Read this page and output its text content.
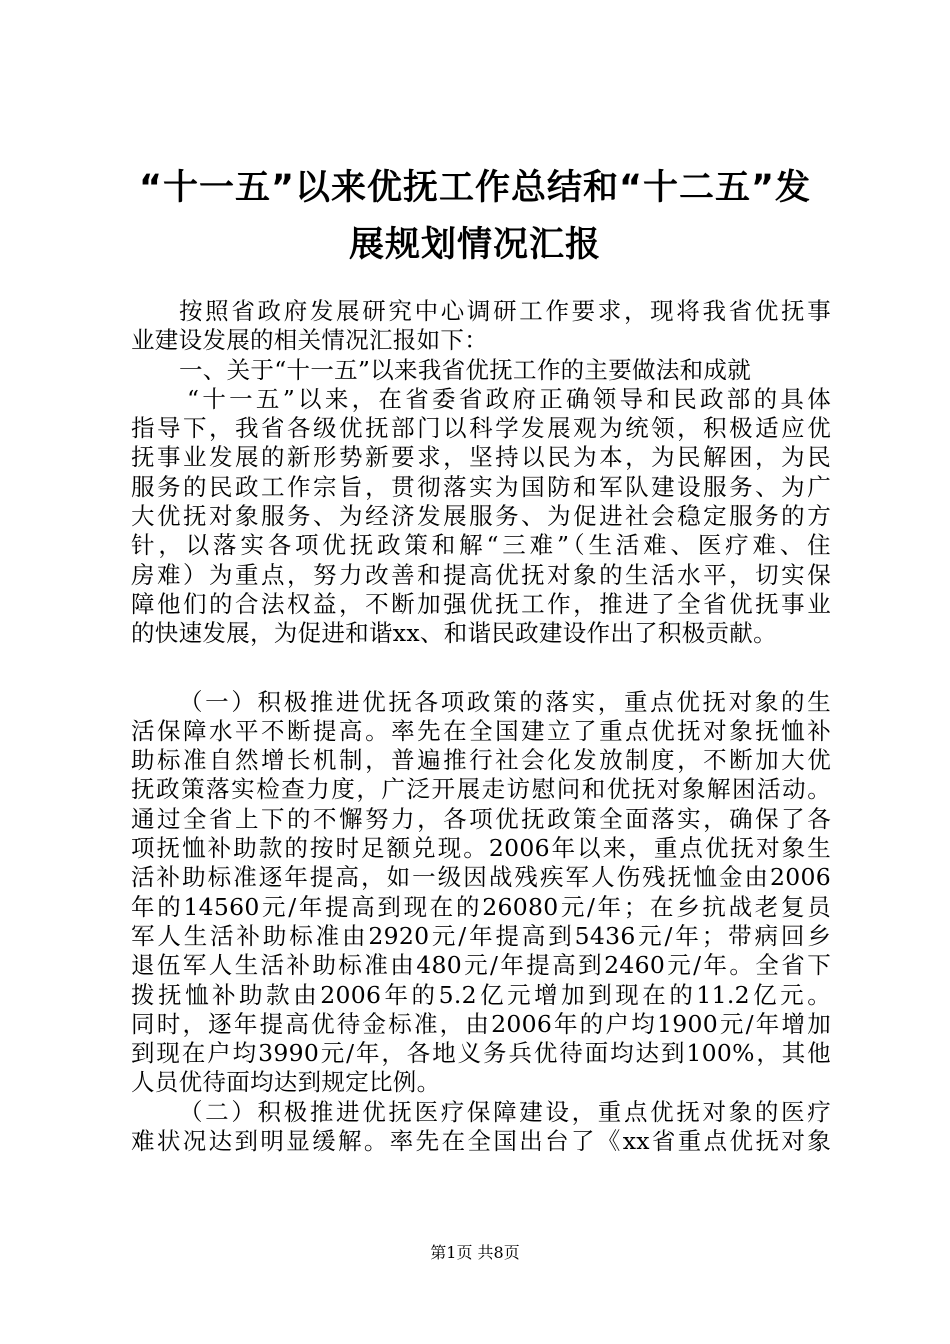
“十一五”以来优抚工作总结和“十二五”发
展规划情况汇报
按照省政府发展研究中心调研工作要求，现将我省优抚事
业建设发展的相关情况汇报如下：
一、关于“十一五”以来我省优抚工作的主要做法和成就
“十一五”以来，在省委省政府正确领导和民政部的具体
指导下，我省各级优抚部门以科学发展观为统领，积极适应优
抚事业发展的新形势新要求，坚持以民为本，为民解困，为民
服务的民政工作宗旨，贯彻落实为国防和军队建设服务、为广
大优抚对象服务、为经济发展服务、为促进社会稳定服务的方
针，以落实各项优抚政策和解“三难”（生活难、医疗难、住
房难）为重点，努力改善和提高优抚对象的生活水平，切实保
障他们的合法权益，不断加强优抚工作，推进了全省优抚事业
的快速发展，为促进和谐xx、和谐民政建设作出了积极贡献。
（一）积极推进优抚各项政策的落实，重点优抚对象的生
活保障水平不断提高。率先在全国建立了重点优抚对象抚恤补
助标准自然增长机制，普遍推行社会化发放制度，不断加大优
抚政策落实检查力度，广泛开展走访慰问和优抚对象解困活动。
通过全省上下的不懈努力，各项优抚政策全面落实，确保了各
项抚恤补助款的按时足额兑现。2006年以来，重点优抚对象生
活补助标准逐年提高，如一级因战残疾军人伤残抚恤金由2006
年的14560元/年提高到现在的26080元/年；在乡抗战老复员
军人生活补助标准由2920元/年提高到5436元/年；带病回乡
退伍军人生活补助标准由480元/年提高到2460元/年。全省下
拨抚恤补助款由2006年的5.2亿元增加到现在的11.2亿元。
同时，逐年提高优待金标准，由2006年的户均1900元/年增加
到现在户均3990元/年，各地义务兵优待面均达到100%，其他
人员优待面均达到规定比例。
（二）积极推进优抚医疗保障建设，重点优抚对象的医疗
难状况达到明显缓解。率先在全国出台了《xx省重点优抚对象
第1页 共8页
